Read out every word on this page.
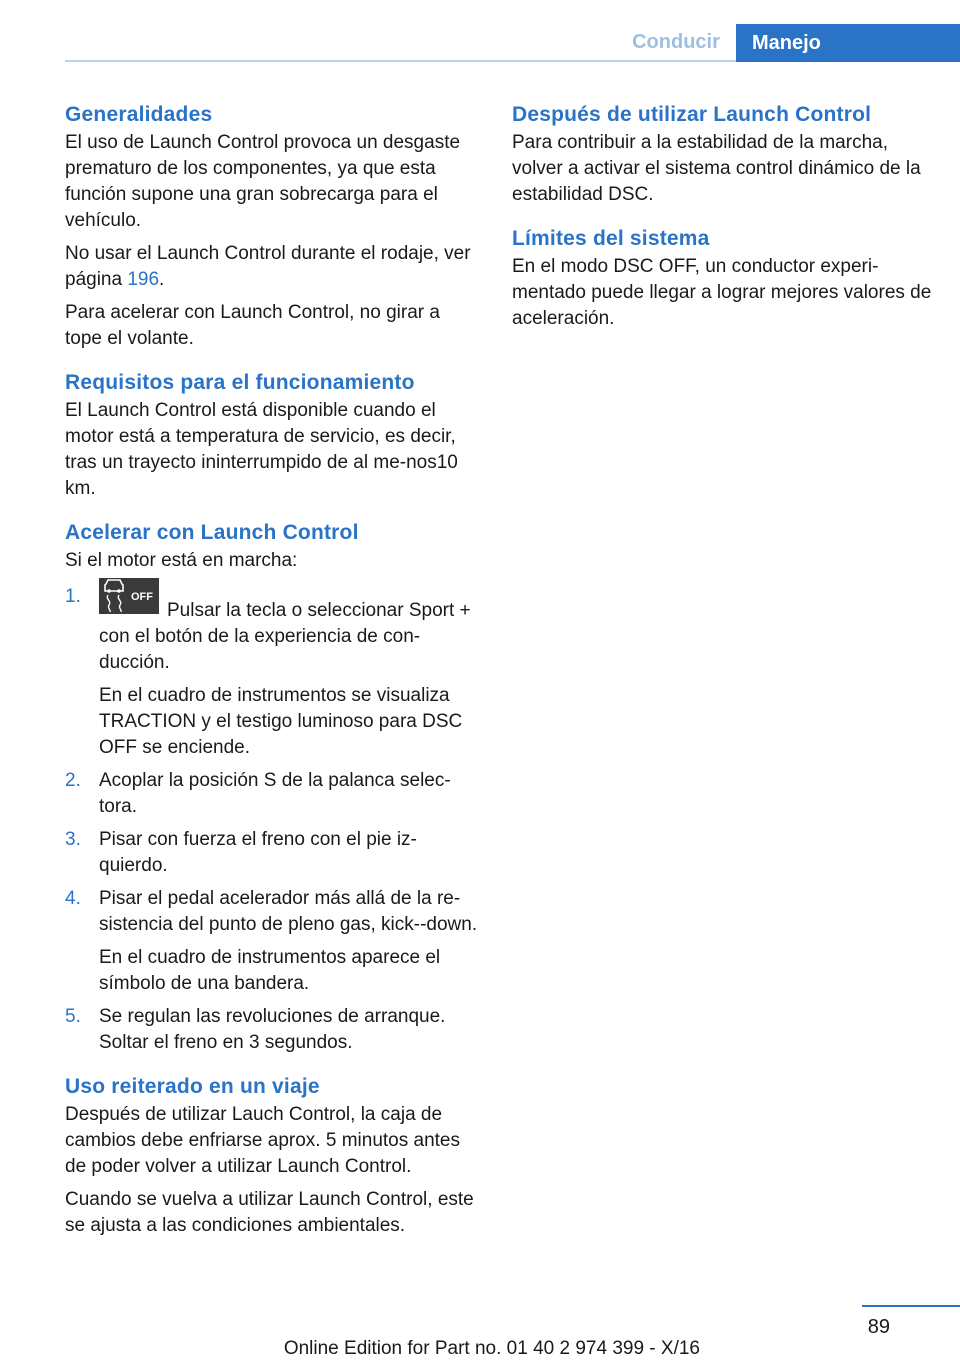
Conducir	Manejo
Generalidades

El uso de Launch Control provoca un desgaste prematuro de los componentes, ya que esta función supone una gran sobrecarga para el vehículo.

No usar el Launch Control durante el rodaje, ver página 196.

Para acelerar con Launch Control, no girar a tope el volante.

Requisitos para el funcionamiento

El Launch Control está disponible cuando el motor está a temperatura de servicio, es decir, tras un trayecto ininterrumpido de al me-nos10 km.

Acelerar con Launch Control

Si el motor está en marcha:

1.	OFF
Pulsar la tecla o seleccionar Sport + con el botón de la experiencia de con-ducción.

En el cuadro de instrumentos se visualiza TRACTION y el testigo luminoso para DSC OFF se enciende.

2. Acoplar la posición S de la palanca selec-tora.

3. Pisar con fuerza el freno con el pie iz-quierdo.

4. Pisar el pedal acelerador más allá de la re-sistencia del punto de pleno gas, kick--down.

En el cuadro de instrumentos aparece el símbolo de una bandera.

5. Se regulan las revoluciones de arranque. Soltar el freno en 3 segundos.

Uso reiterado en un viaje

Después de utilizar Lauch Control, la caja de cambios debe enfriarse aprox. 5 minutos antes de poder volver a utilizar Launch Control.

Cuando se vuelva a utilizar Launch Control, este se ajusta a las condiciones ambientales.

Después de utilizar Launch Control

Para contribuir a la estabilidad de la marcha, volver a activar el sistema control dinámico de la estabilidad DSC.

Límites del sistema

En el modo DSC OFF, un conductor experi-mentado puede llegar a lograr mejores valores de aceleración.

89
Online Edition for Part no. 01 40 2 974 399 - X/16
